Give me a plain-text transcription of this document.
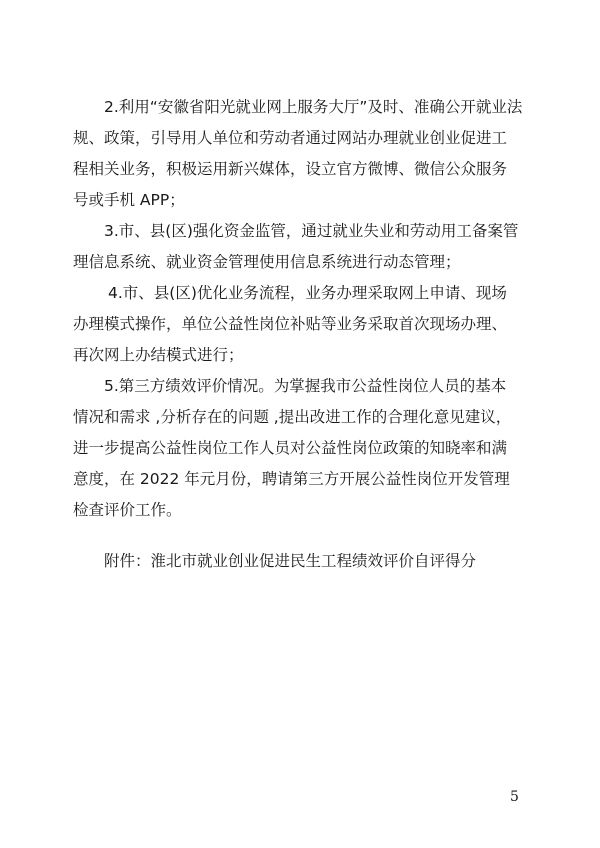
2.利用“安徽省阳光就业网上服务大厅”及时、准确公开就业法
规、政策，引导用人单位和劳动者通过网站办理就业创业促进工
程相关业务，积极运用新兴媒体，设立官方微博、微信公众服务
号或手机 APP；
3.市、县(区)强化资金监管，通过就业失业和劳动用工备案管
理信息系统、就业资金管理使用信息系统进行动态管理；
4.市、县(区)优化业务流程，业务办理采取网上申请、现场
办理模式操作，单位公益性岗位补贴等业务采取首次现场办理、
再次网上办结模式进行；
5.第三方绩效评价情况。为掌握我市公益性岗位人员的基本
情况和需求 ,分析存在的问题 ,提出改进工作的合理化意见建议，
进一步提高公益性岗位工作人员对公益性岗位政策的知晓率和满
意度，在 2022 年元月份，聘请第三方开展公益性岗位开发管理
检查评价工作。
附件：淮北市就业创业促进民生工程绩效评价自评得分
5
